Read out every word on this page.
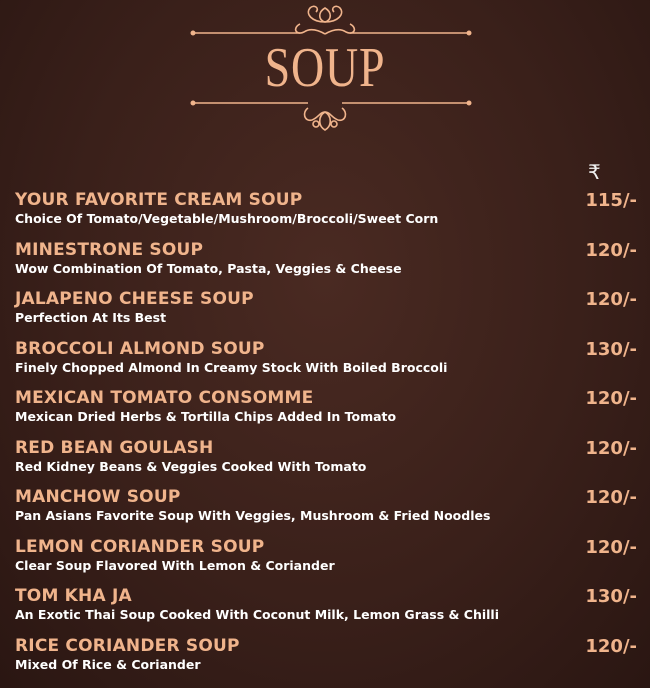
SOUP
₹
YOUR FAVORITE CREAM SOUP
Choice Of Tomato/Vegetable/Mushroom/Broccoli/Sweet Corn
115/-
MINESTRONE SOUP
Wow Combination Of Tomato, Pasta, Veggies & Cheese
120/-
JALAPENO CHEESE SOUP
Perfection At Its Best
120/-
BROCCOLI ALMOND SOUP
Finely Chopped Almond In Creamy Stock With Boiled Broccoli
130/-
MEXICAN TOMATO CONSOMME
Mexican Dried Herbs & Tortilla Chips Added In Tomato
120/-
RED BEAN GOULASH
Red Kidney Beans & Veggies Cooked With Tomato
120/-
MANCHOW SOUP
Pan Asians Favorite Soup With Veggies, Mushroom & Fried Noodles
120/-
LEMON CORIANDER SOUP
Clear Soup Flavored With Lemon & Coriander
120/-
TOM KHA JA
An Exotic Thai Soup Cooked With Coconut Milk, Lemon Grass & Chilli
130/-
RICE CORIANDER SOUP
Mixed Of Rice & Coriander
120/-
